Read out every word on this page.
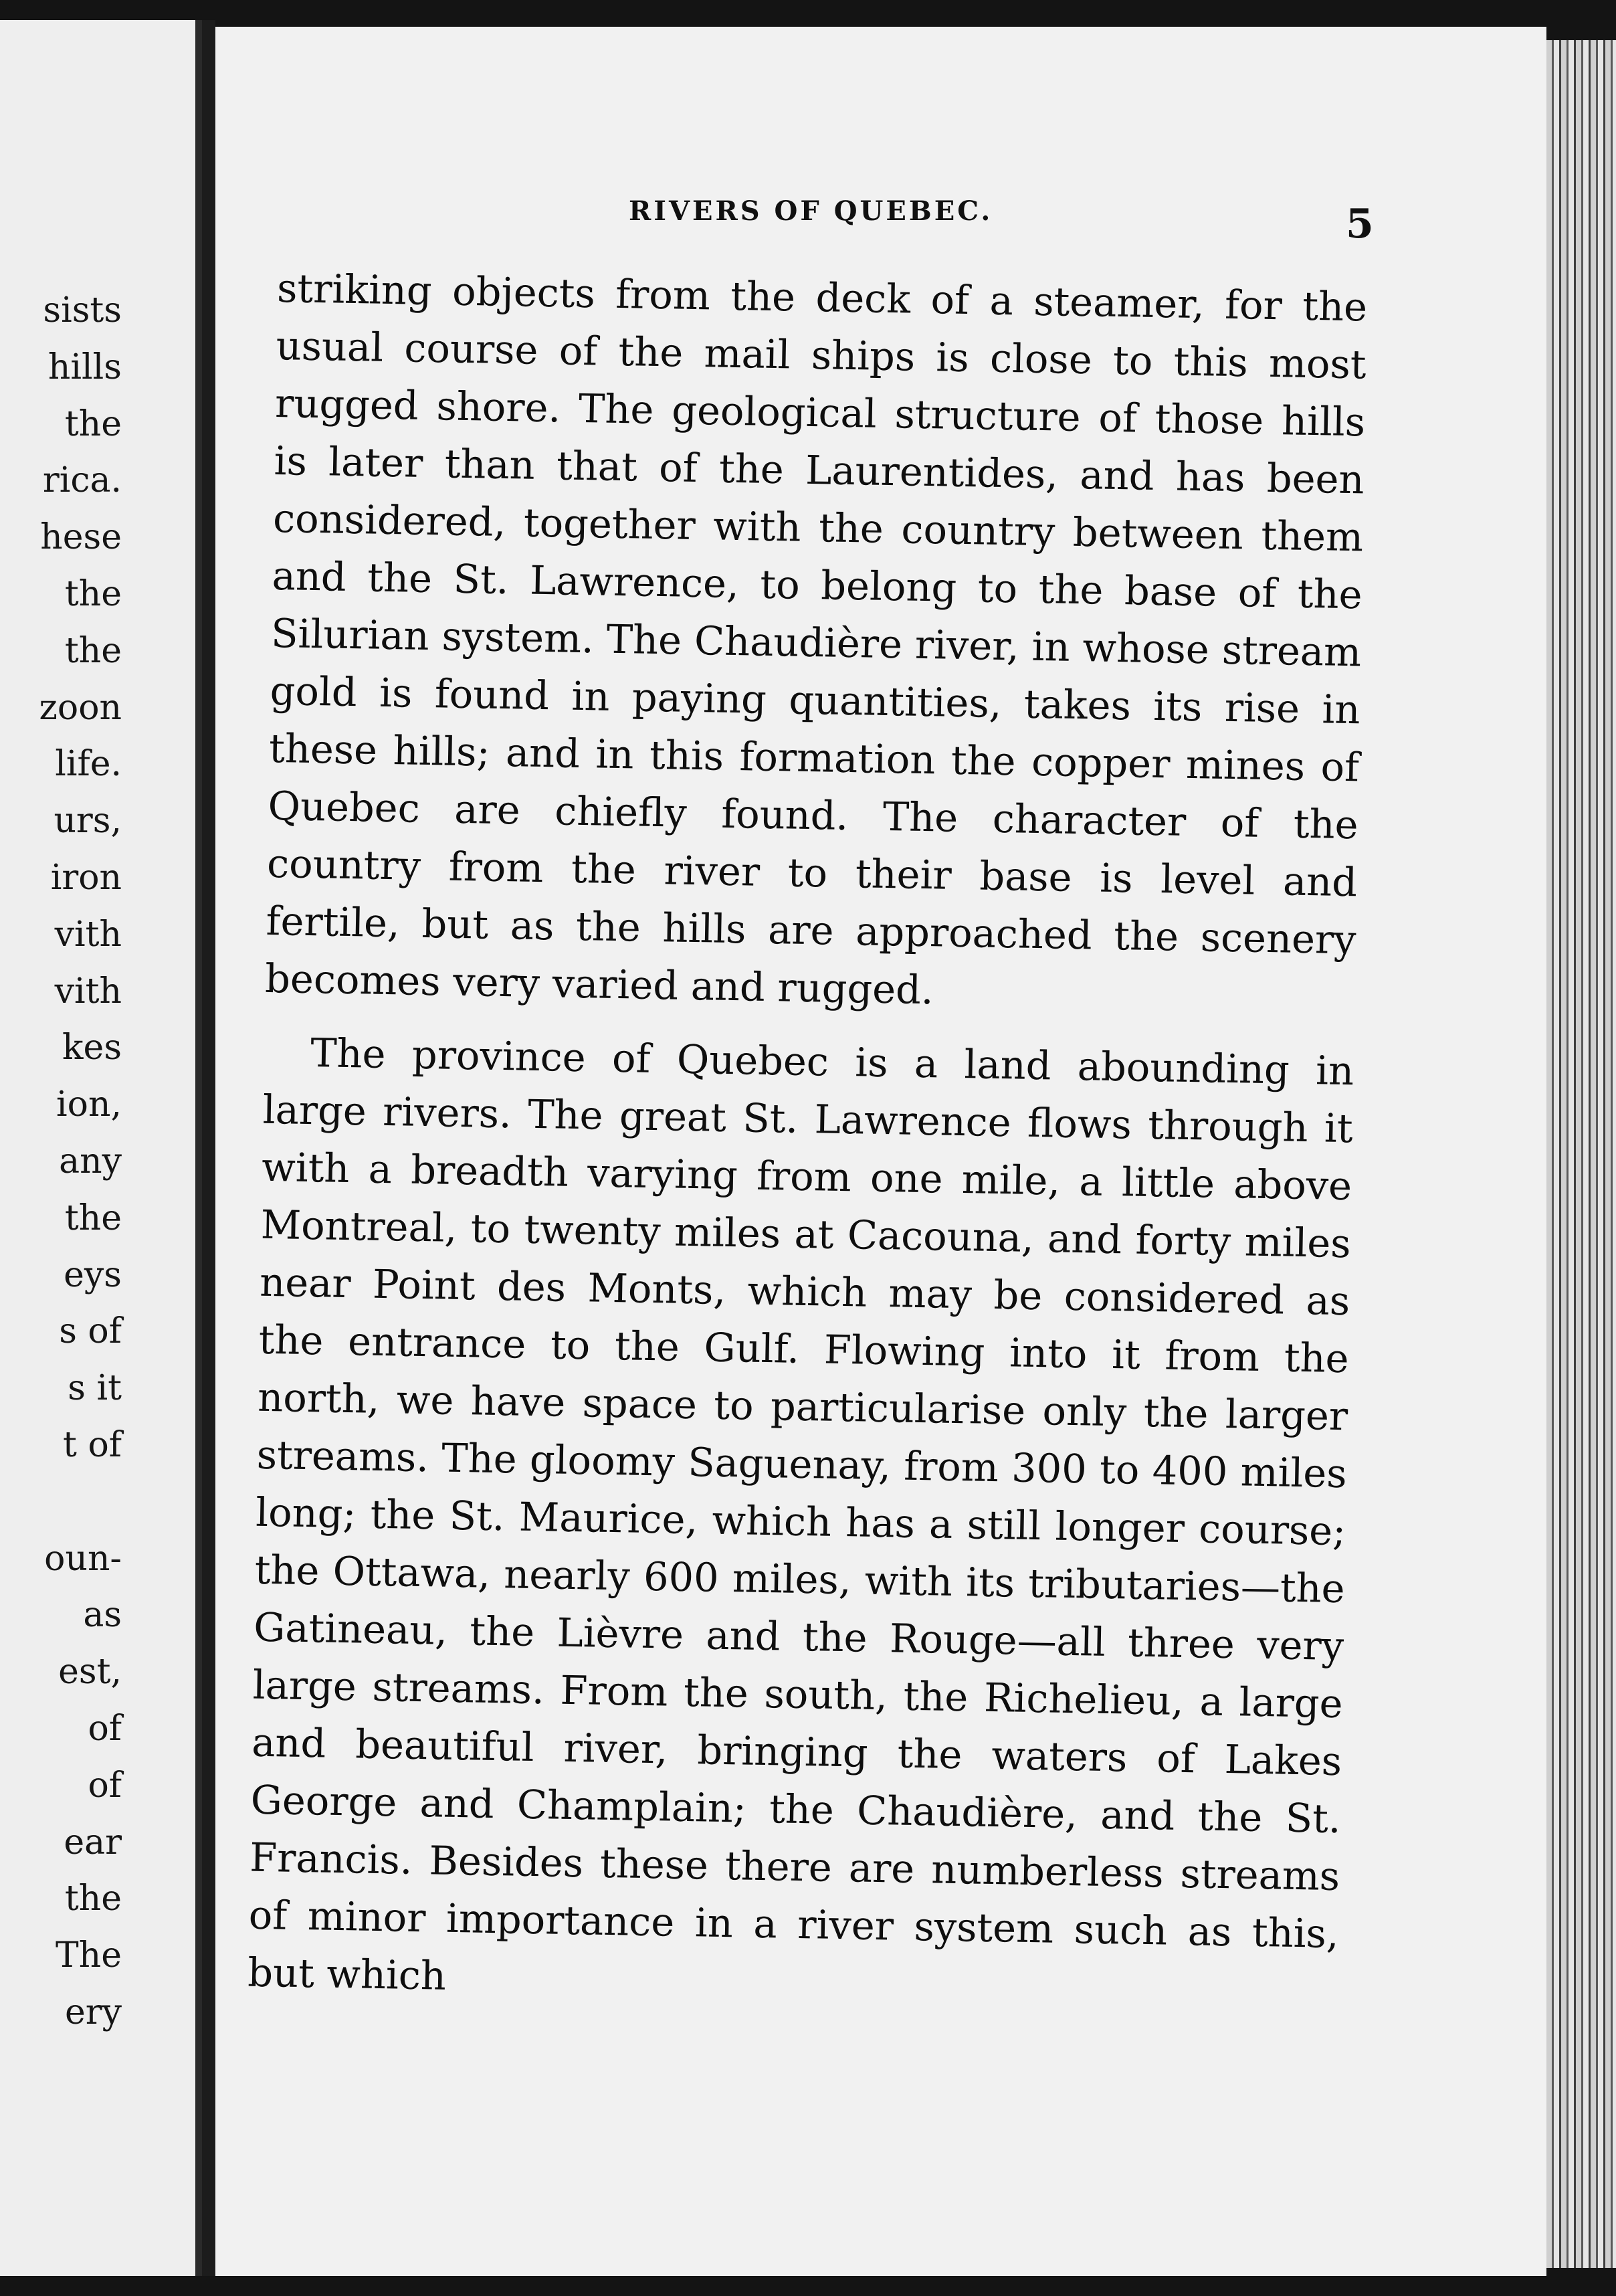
sists
hills
the
rica.
hese
the
the
zoon
life.
urs,
iron
vith
vith
kes
ion,
any
the
eys
s of
s it
t of

oun-
as
est,
of
of
ear
the
The
ery
RIVERS OF QUEBEC.	5

striking objects from the deck of a steamer, for the usual course of the mail ships is close to this most rugged shore. The geological structure of those hills is later than that of the Laurentides, and has been considered, together with the country between them and the St. Lawrence, to belong to the base of the Silurian system. The Chaudière river, in whose stream gold is found in paying quantities, takes its rise in these hills; and in this formation the copper mines of Quebec are chiefly found. The character of the country from the river to their base is level and fertile, but as the hills are approached the scenery becomes very varied and rugged.

The province of Quebec is a land abounding in large rivers. The great St. Lawrence flows through it with a breadth varying from one mile, a little above Montreal, to twenty miles at Cacouna, and forty miles near Point des Monts, which may be considered as the entrance to the Gulf. Flowing into it from the north, we have space to particularise only the larger streams. The gloomy Saguenay, from 300 to 400 miles long; the St. Maurice, which has a still longer course; the Ottawa, nearly 600 miles, with its tributaries—the Gatineau, the Lièvre and the Rouge—all three very large streams. From the south, the Richelieu, a large and beautiful river, bringing the waters of Lakes George and Champlain; the Chaudière, and the St. Francis. Besides these there are numberless streams of minor importance in a river system such as this, but which
